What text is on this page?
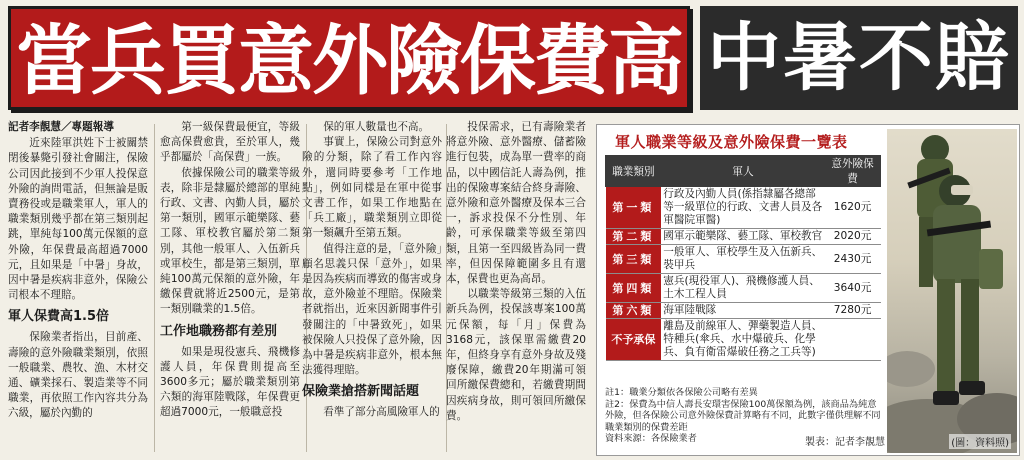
當兵買意外險保費高 中暑不賠

記者李靚慧／專題報導

近來陸軍洪姓下士被關禁閉後暴斃引發社會關注，保險公司因此接到不少軍人投保意外險的詢問電話，但無論是販賣務役或是職業軍人，軍人的職業類別幾乎都在第三類別起跳，單純每100萬元保額的意外險，年保費最高超過7000元，且如果是「中暑」身故，因中暑是疾病非意外，保險公司根本不理賠。

軍人保費高1.5倍

保險業者指出，目前產、壽險的意外險職業類別，依照一般職業、農牧、漁、木材交通、礦業採石、製造業等不同職業，再依照工作內容共分為六級，屬於內勤的

第一級保費最便宜，等級愈高保費愈貴，至於軍人，幾乎都屬於「高保費」一族。

依據保險公司的職業等級表，除非是隸屬於總部的單純行政、文書、內勤人員，屬於第一類別，國軍示範樂隊、藝工隊、軍校教官屬於第二類別，其他一般軍人、入伍新兵或軍校生，都是第三類別，單純100萬元保額的意外險，年繳保費就將近2500元，是第一類別職業的1.5倍。

工作地職務都有差別

如果是現役憲兵、飛機修護人員，年保費則提高至3600多元；屬於職業類別第六類的海軍陸戰隊，年保費更超過7000元，一般職意投

保的軍人數量也不高。

事實上，保險公司對意外險的分類，除了看工作內容外，還同時要參考「工作地點」，例如同樣是在軍中從事文書工作，如果工作地點在「兵工廠」，職業類別立即從第一類飆升至第五類。

值得注意的是，「意外險」顧名思義只保「意外」，如果是因為疾病而導致的傷害或身故，意外險並不理賠。保險業者就指出，近來因新聞事件引發關注的「中暑致死」，如果被保險人只投保了意外險，因為中暑是疾病非意外，根本無法獲得理賠。

保險業搶搭新聞話題

看準了部分高風險軍人的

投保需求，已有壽險業者將意外險、意外醫療、儲蓄險進行包裝，成為單一費率的商品，以中國信託人壽為例，推出的保險專案結合終身壽險、意外險和意外醫療及保本三合一，訴求投保不分性別、年齡，可承保職業等級至第四類，且第一至四級皆為同一費率，但因保障範圍多且有還本，保費也更為高昂。

以職業等級第三類的入伍新兵為例，投保該專案100萬元保額，每「月」保費為3168元，該保單需繳費20年，但終身享有意外身故及殘廢保障，繳費20年期滿可領回所繳保費總和，若繳費期間因疾病身故，則可領回所繳保費。

軍人職業等級及意外險保費一覽表
職業類別	軍人	意外險保費
第一類	行政及內勤人員(係指隸屬各總部等一級單位的行政、文書人員及各軍醫院軍醫)	1620元
第二類	國軍示範樂隊、藝工隊、軍校教官	2020元
第三類	一般軍人、軍校學生及入伍新兵、裝甲兵	2430元
第四類	憲兵(現役軍人)、飛機修護人員、土木工程人員	3640元
第六類	海軍陸戰隊	7280元
不予承保	離島及前線軍人、彈藥製造人員、特種兵(傘兵、水中爆破兵、化學兵、負有衛雷爆破任務之工兵等)	
註1：職業分類依各保險公司略有差異
註2：保費為中信人壽長安環害保險100萬保額為例，該商品為純意外險，但各保險公司意外險保費計算略有不同，此數字僅供理解不同職業類別的保費差距
資料來源：各保險業者	製表：記者李靚慧	(圖：資料照)
